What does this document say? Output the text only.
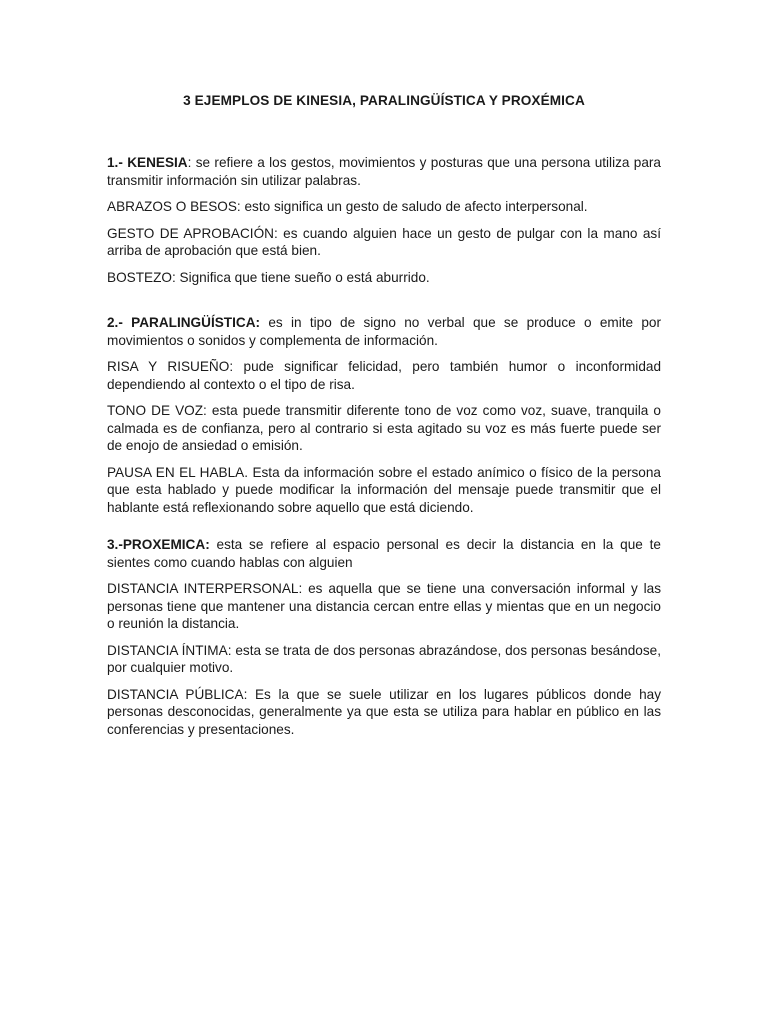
3 EJEMPLOS DE KINESIA, PARALINGÜÍSTICA Y PROXÉMICA

1.- KENESIA: se refiere a los gestos, movimientos y posturas que una persona utiliza para transmitir información sin utilizar palabras.

ABRAZOS O BESOS: esto significa un gesto de saludo de afecto interpersonal.

GESTO DE APROBACIÓN: es cuando alguien hace un gesto de pulgar con la mano así arriba de aprobación que está bien.

BOSTEZO: Significa que tiene sueño o está aburrido.

2.- PARALINGÜÍSTICA: es in tipo de signo no verbal que se produce o emite por movimientos o sonidos y complementa de información.

RISA Y RISUEÑO: pude significar felicidad, pero también humor o inconformidad dependiendo al contexto o el tipo de risa.

TONO DE VOZ: esta puede transmitir diferente tono de voz como voz, suave, tranquila o calmada es de confianza, pero al contrario si esta agitado su voz es más fuerte puede ser de enojo de ansiedad o emisión.

PAUSA EN EL HABLA. Esta da información sobre el estado anímico o físico de la persona que esta hablado y puede modificar la información del mensaje puede transmitir que el hablante está reflexionando sobre aquello que está diciendo.

3.-PROXEMICA: esta se refiere al espacio personal es decir la distancia en la que te sientes como cuando hablas con alguien

DISTANCIA INTERPERSONAL: es aquella que se tiene una conversación informal y las personas tiene que mantener una distancia cercan entre ellas y mientas que en un negocio o reunión la distancia.

DISTANCIA ÍNTIMA: esta se trata de dos personas abrazándose, dos personas besándose, por cualquier motivo.

DISTANCIA PÚBLICA: Es la que se suele utilizar en los lugares públicos donde hay personas desconocidas, generalmente ya que esta se utiliza para hablar en público en las conferencias y presentaciones.
